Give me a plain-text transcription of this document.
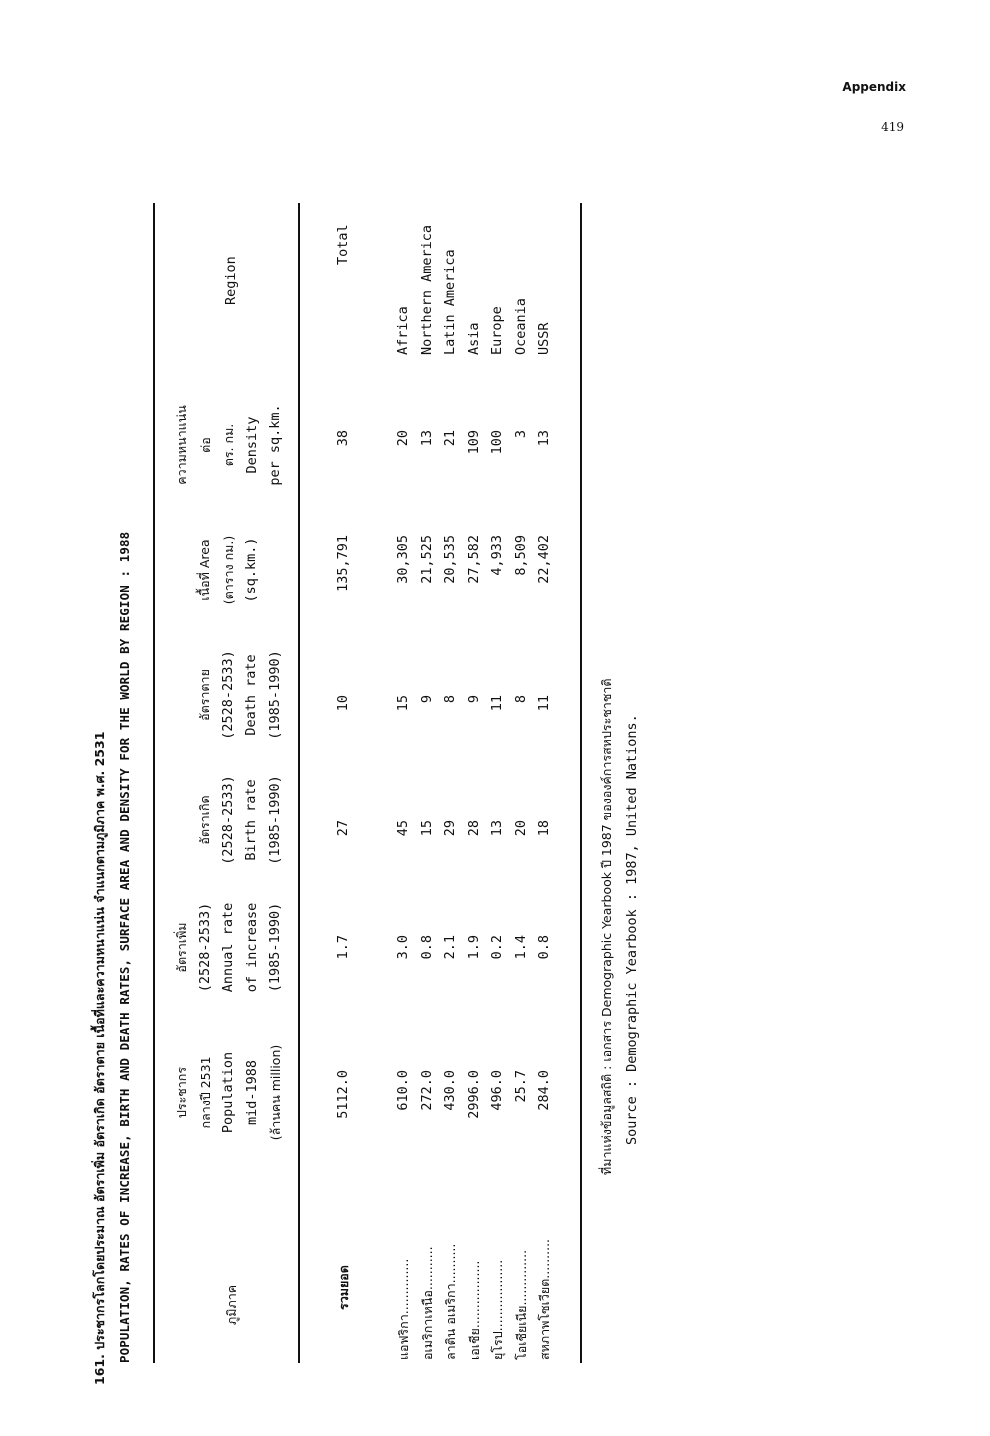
Appendix
419
161. ประชากรโลกโดยประมาณ อัตราเพิ่ม อัตราเกิด อัตราตาย เนื้อที่และความหนาแน่น จำแนกตามภูมิภาค พ.ศ. 2531 POPULATION, RATES OF INCREASE, BIRTH AND DEATH RATES, SURFACE AREA AND DENSITY FOR THE WORLD BY REGION : 1988	ภูมิภาค
ประชากร กลางปี 2531 Population mid-1988 (ล้านคน million)
อัตราเพิ่ม (2528-2533) Annual rate of increase (1985-1990)
อัตราเกิด (2528-2533) Birth rate (1985-1990)
อัตราตาย (2528-2533) Death rate (1985-1990)
เนื้อที่ Area (ตาราง กม.) (sq.km.)
ความหนาแน่น ต่อ ตร. กม. Density per sq.km.
Region
รวมยอด
5112.0
1.7
27
10
135,791
38
Total
แอฟริกา.............. อเมริกาเหนือ........... ลาติน อเมริกา.......... เอเชีย................. ยุโรป.................. โอเชียเนีย.............. สหภาพโซเวียต..........
610.0 272.0 430.0 2996.0 496.0 25.7 284.0
3.0 0.8 2.1 1.9 0.2 1.4 0.8
45 15 29 28 13 20 18
15 9 8 9 11 8 11
30,305 21,525 20,535 27,582 4,933 8,509 22,402
20 13 21 109 100 3 13
Africa Northern America Latin America Asia Europe Oceania USSR
ที่มาแห่งข้อมูลสถิติ : เอกสาร Demographic Yearbook ปี 1987 ขององค์การสหประชาชาติ Source : Demographic Yearbook : 1987, United Nations.
